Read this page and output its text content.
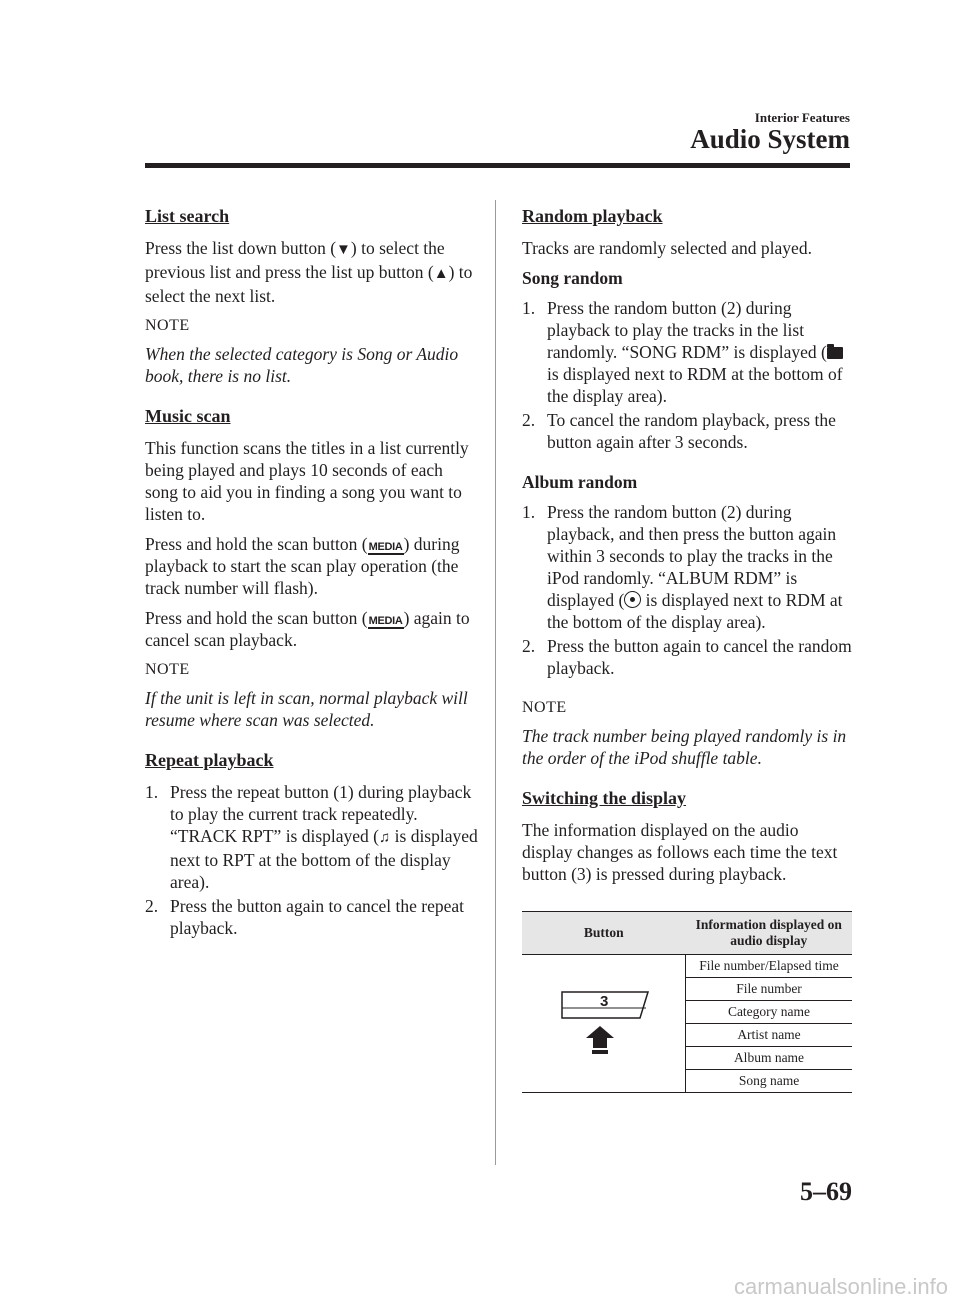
Interior Features
Audio System
List search

Press the list down button (▼) to select the previous list and press the list up button (▲) to select the next list.

NOTE
When the selected category is Song or Audio book, there is no list.
Music scan

This function scans the titles in a list currently being played and plays 10 seconds of each song to aid you in finding a song you want to listen to.

Press and hold the scan button (MEDIA) during playback to start the scan play operation (the track number will flash).

Press and hold the scan button (MEDIA) again to cancel scan playback.

NOTE
If the unit is left in scan, normal playback will resume where scan was selected.
Repeat playback
1. Press the repeat button (1) during playback to play the current track repeatedly. “TRACK RPT” is displayed (♫ is displayed next to RPT at the bottom of the display area).
2. Press the button again to cancel the repeat playback.
Random playback

Tracks are randomly selected and played.

Song random
1. Press the random button (2) during playback to play the tracks in the list randomly. “SONG RDM” is displayed ( is displayed next to RDM at the bottom of the display area).
2. To cancel the random playback, press the button again after 3 seconds.
Album random
1. Press the random button (2) during playback, and then press the button again within 3 seconds to play the tracks in the iPod randomly. “ALBUM RDM” is displayed ( is displayed next to RDM at the bottom of the display area).
2. Press the button again to cancel the random playback.
NOTE
The track number being played randomly is in the order of the iPod shuffle table.
Switching the display

The information displayed on the audio display changes as follows each time the text button (3) is pressed during playback.

Button	Information displayed on audio display

3	File number/Elapsed time
	File number
	Category name
	Artist name
	Album name
	Song name
5–69
carmanualsonline.info
